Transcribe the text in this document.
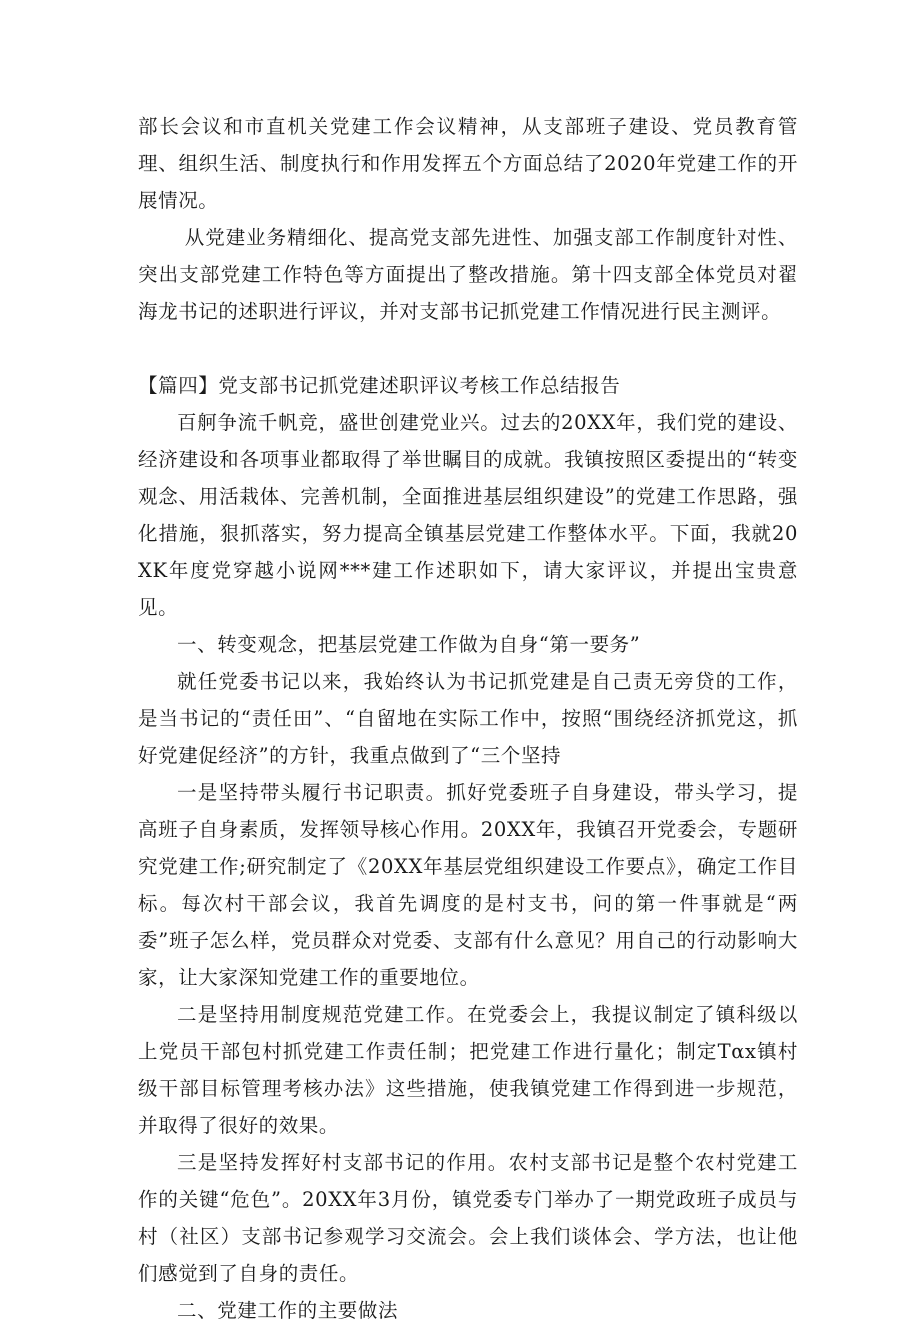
部长会议和市直机关党建工作会议精神，从支部班子建设、党员教育管理、组织生活、制度执行和作用发挥五个方面总结了2020年党建工作的开展情况。

从党建业务精细化、提高党支部先进性、加强支部工作制度针对性、突出支部党建工作特色等方面提出了整改措施。第十四支部全体党员对翟海龙书记的述职进行评议，并对支部书记抓党建工作情况进行民主测评。

【篇四】党支部书记抓党建述职评议考核工作总结报告

百舸争流千帆竞，盛世创建党业兴。过去的20XX年，我们党的建设、经济建设和各项事业都取得了举世瞩目的成就。我镇按照区委提出的“转变观念、用活栽体、完善机制，全面推进基层组织建设”的党建工作思路，强化措施，狠抓落实，努力提高全镇基层党建工作整体水平。下面，我就20XK年度党穿越小说网***建工作述职如下，请大家评议，并提出宝贵意见。

一、转变观念，把基层党建工作做为自身“第一要务”

就任党委书记以来，我始终认为书记抓党建是自己责无旁贷的工作，是当书记的“责任田”、“自留地在实际工作中，按照“围绕经济抓党这，抓好党建促经济”的方针，我重点做到了“三个坚持

一是坚持带头履行书记职责。抓好党委班子自身建设，带头学习，提高班子自身素质，发挥领导核心作用。20XX年，我镇召开党委会，专题研究党建工作;研究制定了《20XX年基层党组织建设工作要点》，确定工作目标。每次村干部会议，我首先调度的是村支书，问的第一件事就是“两委”班子怎么样，党员群众对党委、支部有什么意见？用自己的行动影响大家，让大家深知党建工作的重要地位。

二是坚持用制度规范党建工作。在党委会上，我提议制定了镇科级以上党员干部包村抓党建工作责任制；把党建工作进行量化；制定Tαx镇村级干部目标管理考核办法》这些措施，使我镇党建工作得到进一步规范，并取得了很好的效果。

三是坚持发挥好村支部书记的作用。农村支部书记是整个农村党建工作的关键“危色”。20XX年3月份，镇党委专门举办了一期党政班子成员与村（社区）支部书记参观学习交流会。会上我们谈体会、学方法，也让他们感觉到了自身的责任。

二、党建工作的主要做法
